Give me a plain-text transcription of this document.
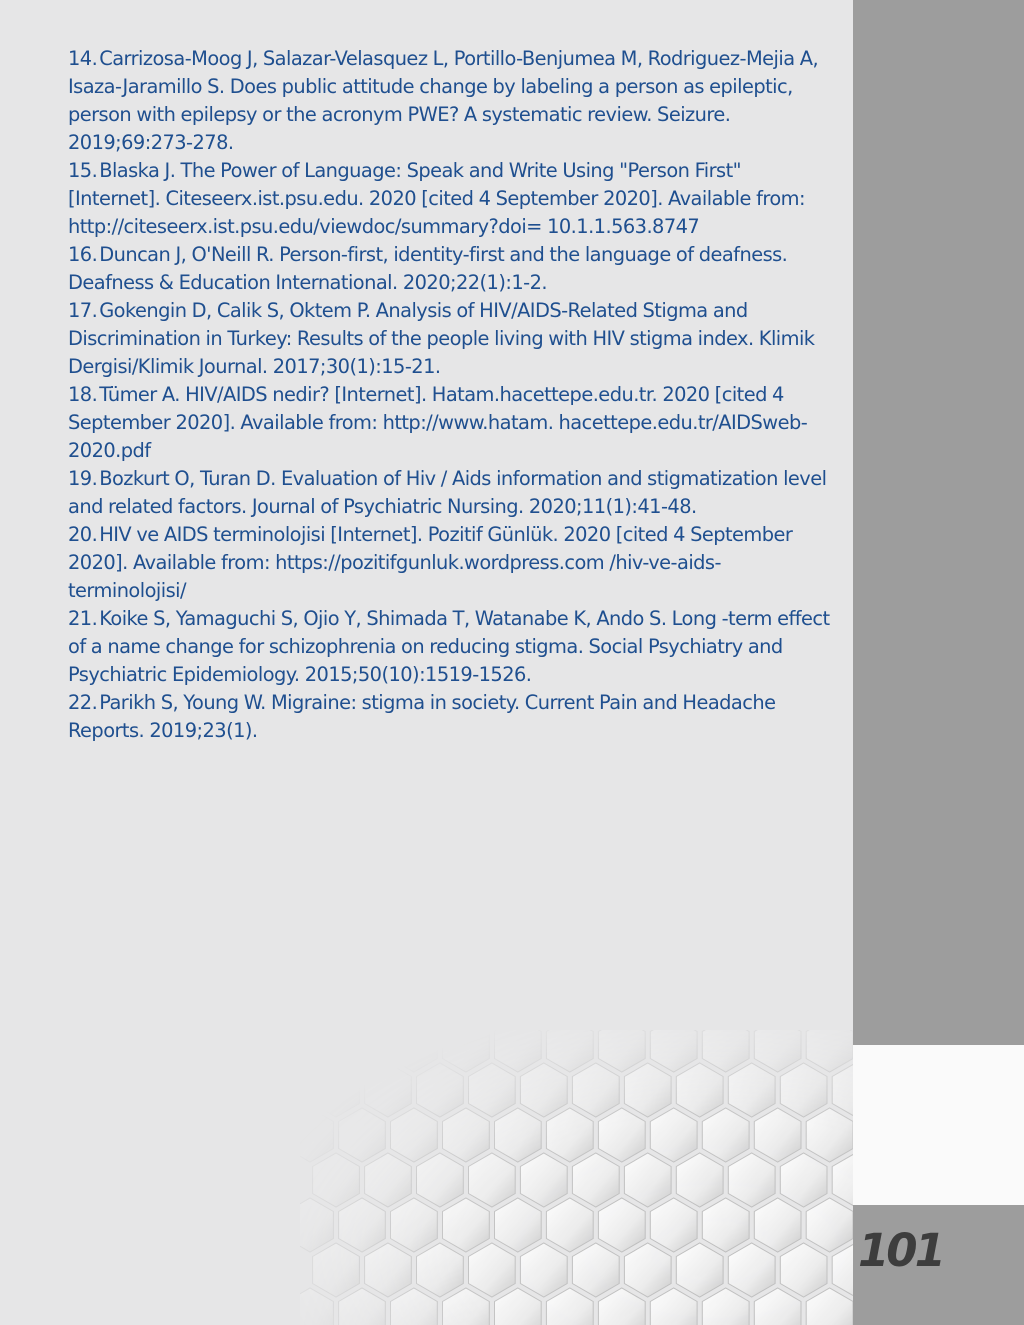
101
14. Carrizosa-Moog J, Salazar-Velasquez L, Portillo-Benjumea M, Rodriguez-Mejia A, Isaza-Jaramillo S. Does public attitude change by labeling a person as epileptic, person with epilepsy or the acronym PWE? A systematic review. Seizure. 2019;69:273-278.
15. Blaska J. The Power of Language: Speak and Write Using "Person First" [Internet]. Citeseerx.ist.psu.edu. 2020 [cited 4 September 2020]. Available from: http://citeseerx.ist.psu.edu/viewdoc/summary?doi= 10.1.1.563.8747
16. Duncan J, O'Neill R. Person-first, identity-first and the language of deafness. Deafness & Education International. 2020;22(1):1-2.
17. Gokengin D, Calik S, Oktem P. Analysis of HIV/AIDS-Related Stigma and Discrimination in Turkey: Results of the people living with HIV stigma index. Klimik Dergisi/Klimik Journal. 2017;30(1):15-21.
18. Tümer A. HIV/AIDS nedir? [Internet]. Hatam.hacettepe.edu.tr. 2020 [cited 4 September 2020]. Available from: http://www.hatam. hacettepe.edu.tr/AIDSweb-2020.pdf
19. Bozkurt O, Turan D. Evaluation of Hiv / Aids information and stigmatization level and related factors. Journal of Psychiatric Nursing. 2020;11(1):41-48.
20. HIV ve AIDS terminolojisi [Internet]. Pozitif Günlük. 2020 [cited 4 September 2020]. Available from: https://pozitifgunluk.wordpress.com /hiv-ve-aids-terminolojisi/
21. Koike S, Yamaguchi S, Ojio Y, Shimada T, Watanabe K, Ando S. Long -term effect of a name change for schizophrenia on reducing stigma. Social Psychiatry and Psychiatric Epidemiology. 2015;50(10):1519-1526.
22. Parikh S, Young W. Migraine: stigma in society. Current Pain and Headache Reports. 2019;23(1).
